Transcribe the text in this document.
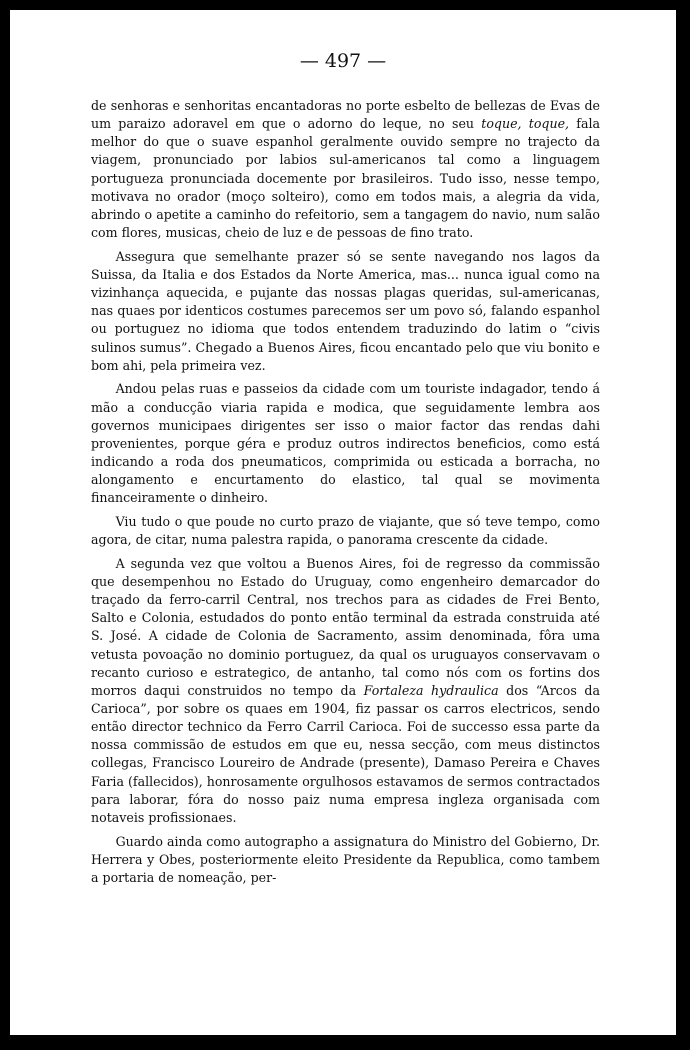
— 497 —

de senhoras e senhoritas encantadoras no porte esbelto de bellezas de Evas de um paraizo adoravel em que o adorno do leque, no seu toque, toque, fala melhor do que o suave espanhol geralmente ouvido sempre no trajecto da viagem, pronunciado por labios sul-americanos tal como a linguagem portugueza pronunciada docemente por brasileiros. Tudo isso, nesse tempo, motivava no orador (moço solteiro), como em todos mais, a alegria da vida, abrindo o apetite a caminho do refeitorio, sem a tangagem do navio, num salão com flores, musicas, cheio de luz e de pessoas de fino trato.

Assegura que semelhante prazer só se sente navegando nos lagos da Suissa, da Italia e dos Estados da Norte America, mas... nunca igual como na vizinhança aquecida, e pujante das nossas plagas queridas, sul-americanas, nas quaes por identicos costumes parecemos ser um povo só, falando espanhol ou portuguez no idioma que todos entendem traduzindo do latim o “civis sulinos sumus”. Chegado a Buenos Aires, ficou encantado pelo que viu bonito e bom ahi, pela primeira vez.

Andou pelas ruas e passeios da cidade com um touriste indagador, tendo á mão a conducção viaria rapida e modica, que seguidamente lembra aos governos municipaes dirigentes ser isso o maior factor das rendas dahi provenientes, porque géra e produz outros indirectos beneficios, como está indicando a roda dos pneumaticos, comprimida ou esticada a borracha, no alongamento e encurtamento do elastico, tal qual se movimenta financeiramente o dinheiro.

Viu tudo o que poude no curto prazo de viajante, que só teve tempo, como agora, de citar, numa palestra rapida, o panorama crescente da cidade.

A segunda vez que voltou a Buenos Aires, foi de regresso da commissão que desempenhou no Estado do Uruguay, como engenheiro demarcador do traçado da ferro-carril Central, nos trechos para as cidades de Frei Bento, Salto e Colonia, estudados do ponto então terminal da estrada construida até S. José. A cidade de Colonia de Sacramento, assim denominada, fôra uma vetusta povoação no dominio portuguez, da qual os uruguayos conservavam o recanto curioso e estrategico, de antanho, tal como nós com os fortins dos morros daqui construidos no tempo da Fortaleza hydraulica dos “Arcos da Carioca”, por sobre os quaes em 1904, fiz passar os carros electricos, sendo então director technico da Ferro Carril Carioca. Foi de successo essa parte da nossa commissão de estudos em que eu, nessa secção, com meus distinctos collegas, Francisco Loureiro de Andrade (presente), Damaso Pereira e Chaves Faria (fallecidos), honrosamente orgulhosos estavamos de sermos contractados para laborar, fóra do nosso paiz numa empresa ingleza organisada com notaveis profissionaes.

Guardo ainda como autographo a assignatura do Ministro del Gobierno, Dr. Herrera y Obes, posteriormente eleito Presidente da Republica, como tambem a portaria de nomeação, per-
